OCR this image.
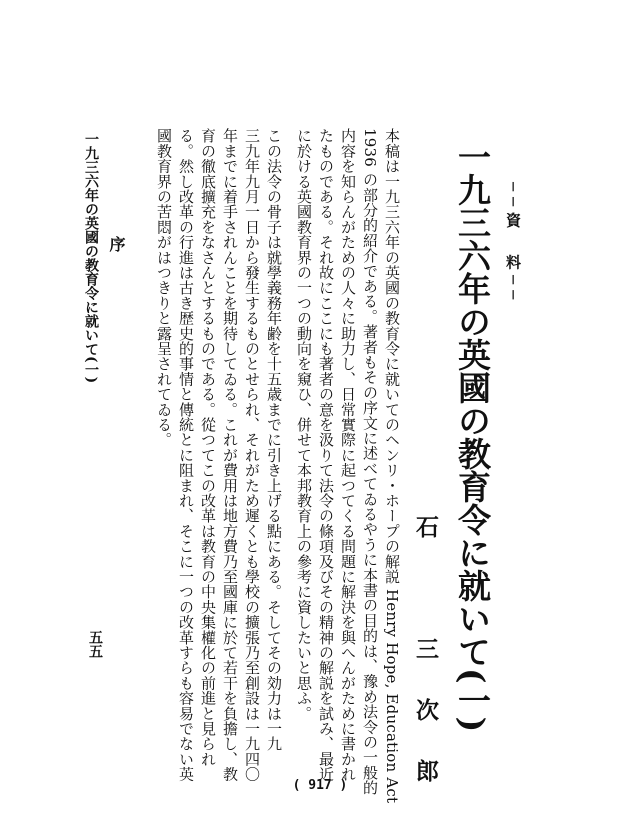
──資　料──
一九三六年の英國の教育令に就いて(一)
石　三次郎
本稿は一九三六年の英國の教育令に就いてのヘンリ・ホープの解説 Henry Hope, Education Act
1936 の部分的紹介である。著者もその序文に述べてゐるやうに本書の目的は、豫め法令の一般的
内容を知らんがための人々に助力し、日常實際に起つてくる問題に解決を與へんがために書かれ
たものである。それ故にここにも著者の意を汲りて法令の條項及びその精神の解説を試み、最近
に於ける英國教育界の一つの動向を窺ひ、併せて本邦教育上の參考に資したいと思ふ。
この法令の骨子は就學義務年齢を十五歳までに引き上げる點にある。そしてその効力は一九
三九年九月一日から發生するものとせられ、それがため遲くとも學校の擴張乃至創設は一九四〇
年までに着手されんことを期待してゐる。これが費用は地方費乃至國庫に於て若干を負擔し、教
育の徹底擴充をなさんとするものである。從つてこの改革は教育の中央集權化の前進と見られ
る。然し改革の行進は古き歴史的事情と傳統とに阻まれ、そこに一つの改革すらも容易でない英
國教育界の苦悶がはつきりと露呈されてゐる。
序
一九三六年の英國の教育令に就いて(一)
五五
( 917 )
